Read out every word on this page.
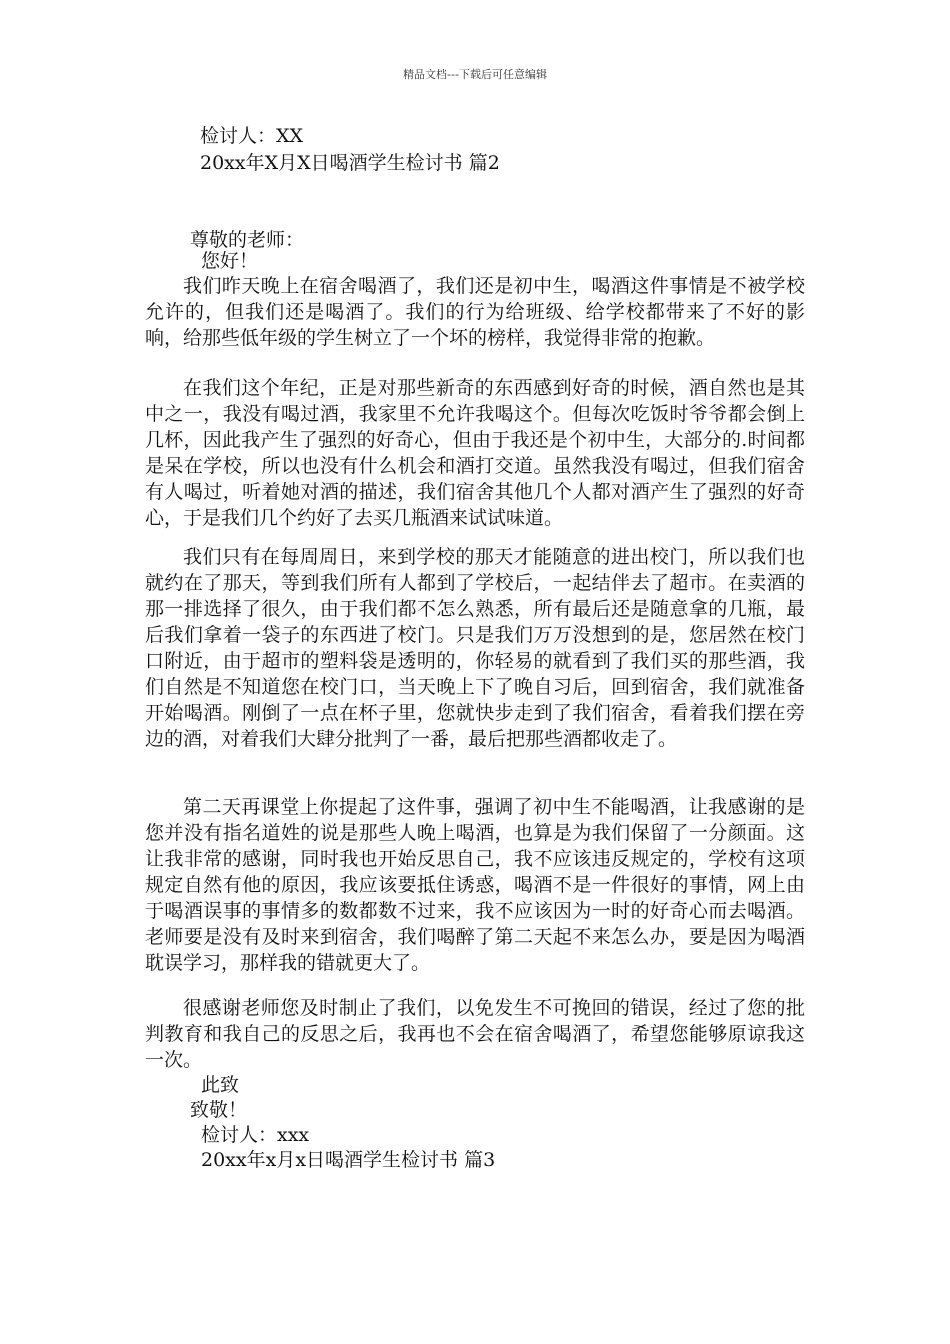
精品文档---下载后可任意编辑
检讨人：XX
20xx年X月X日喝酒学生检讨书 篇2
尊敬的老师：
您好！
我们昨天晚上在宿舍喝酒了，我们还是初中生，喝酒这件事情是不被学校允许的，但我们还是喝酒了。我们的行为给班级、给学校都带来了不好的影响，给那些低年级的学生树立了一个坏的榜样，我觉得非常的抱歉。
在我们这个年纪，正是对那些新奇的东西感到好奇的时候，酒自然也是其中之一，我没有喝过酒，我家里不允许我喝这个。但每次吃饭时爷爷都会倒上几杯，因此我产生了强烈的好奇心，但由于我还是个初中生，大部分的.时间都是呆在学校，所以也没有什么机会和酒打交道。虽然我没有喝过，但我们宿舍有人喝过，听着她对酒的描述，我们宿舍其他几个人都对酒产生了强烈的好奇心，于是我们几个约好了去买几瓶酒来试试味道。
我们只有在每周周日，来到学校的那天才能随意的进出校门，所以我们也就约在了那天，等到我们所有人都到了学校后，一起结伴去了超市。在卖酒的那一排选择了很久，由于我们都不怎么熟悉，所有最后还是随意拿的几瓶，最后我们拿着一袋子的东西进了校门。只是我们万万没想到的是，您居然在校门口附近，由于超市的塑料袋是透明的，你轻易的就看到了我们买的那些酒，我们自然是不知道您在校门口，当天晚上下了晚自习后，回到宿舍，我们就准备开始喝酒。刚倒了一点在杯子里，您就快步走到了我们宿舍，看着我们摆在旁边的酒，对着我们大肆分批判了一番，最后把那些酒都收走了。
第二天再课堂上你提起了这件事，强调了初中生不能喝酒，让我感谢的是您并没有指名道姓的说是那些人晚上喝酒，也算是为我们保留了一分颜面。这让我非常的感谢，同时我也开始反思自己，我不应该违反规定的，学校有这项规定自然有他的原因，我应该要抵住诱惑，喝酒不是一件很好的事情，网上由于喝酒误事的事情多的数都数不过来，我不应该因为一时的好奇心而去喝酒。老师要是没有及时来到宿舍，我们喝醉了第二天起不来怎么办，要是因为喝酒耽误学习，那样我的错就更大了。
很感谢老师您及时制止了我们，以免发生不可挽回的错误，经过了您的批判教育和我自己的反思之后，我再也不会在宿舍喝酒了，希望您能够原谅我这一次。
此致
致敬！
检讨人：xxx
20xx年x月x日喝酒学生检讨书 篇3
